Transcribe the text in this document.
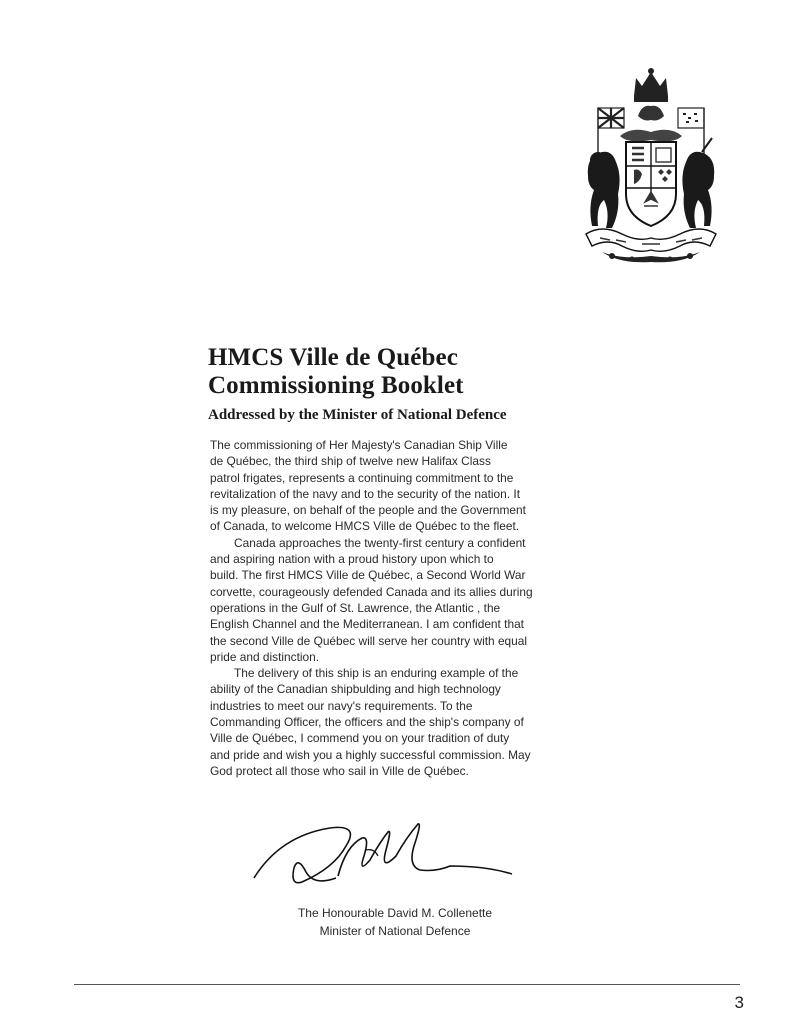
HMCS Ville de Québec
Commissioning Booklet
Addressed by the Minister of National Defence
The commissioning of Her Majesty's Canadian Ship Ville
de Québec, the third ship of twelve new Halifax Class
patrol frigates, represents a continuing commitment to the
revitalization of the navy and to the security of the nation. It
is my pleasure, on behalf of the people and the Government
of Canada, to welcome HMCS Ville de Québec to the fleet.
Canada approaches the twenty-first century a confident
and aspiring nation with a proud history upon which to
build. The first HMCS Ville de Québec, a Second World War
corvette, courageously defended Canada and its allies during
operations in the Gulf of St. Lawrence, the Atlantic , the
English Channel and the Mediterranean. I am confident that
the second Ville de Québec will serve her country with equal
pride and distinction.
The delivery of this ship is an enduring example of the
ability of the Canadian shipbulding and high technology
industries to meet our navy's requirements. To the
Commanding Officer, the officers and the ship's company of
Ville de Québec, I commend you on your tradition of duty
and pride and wish you a highly successful commission. May
God protect all those who sail in Ville de Québec.
The Honourable David M. Collenette
Minister of National Defence
3
